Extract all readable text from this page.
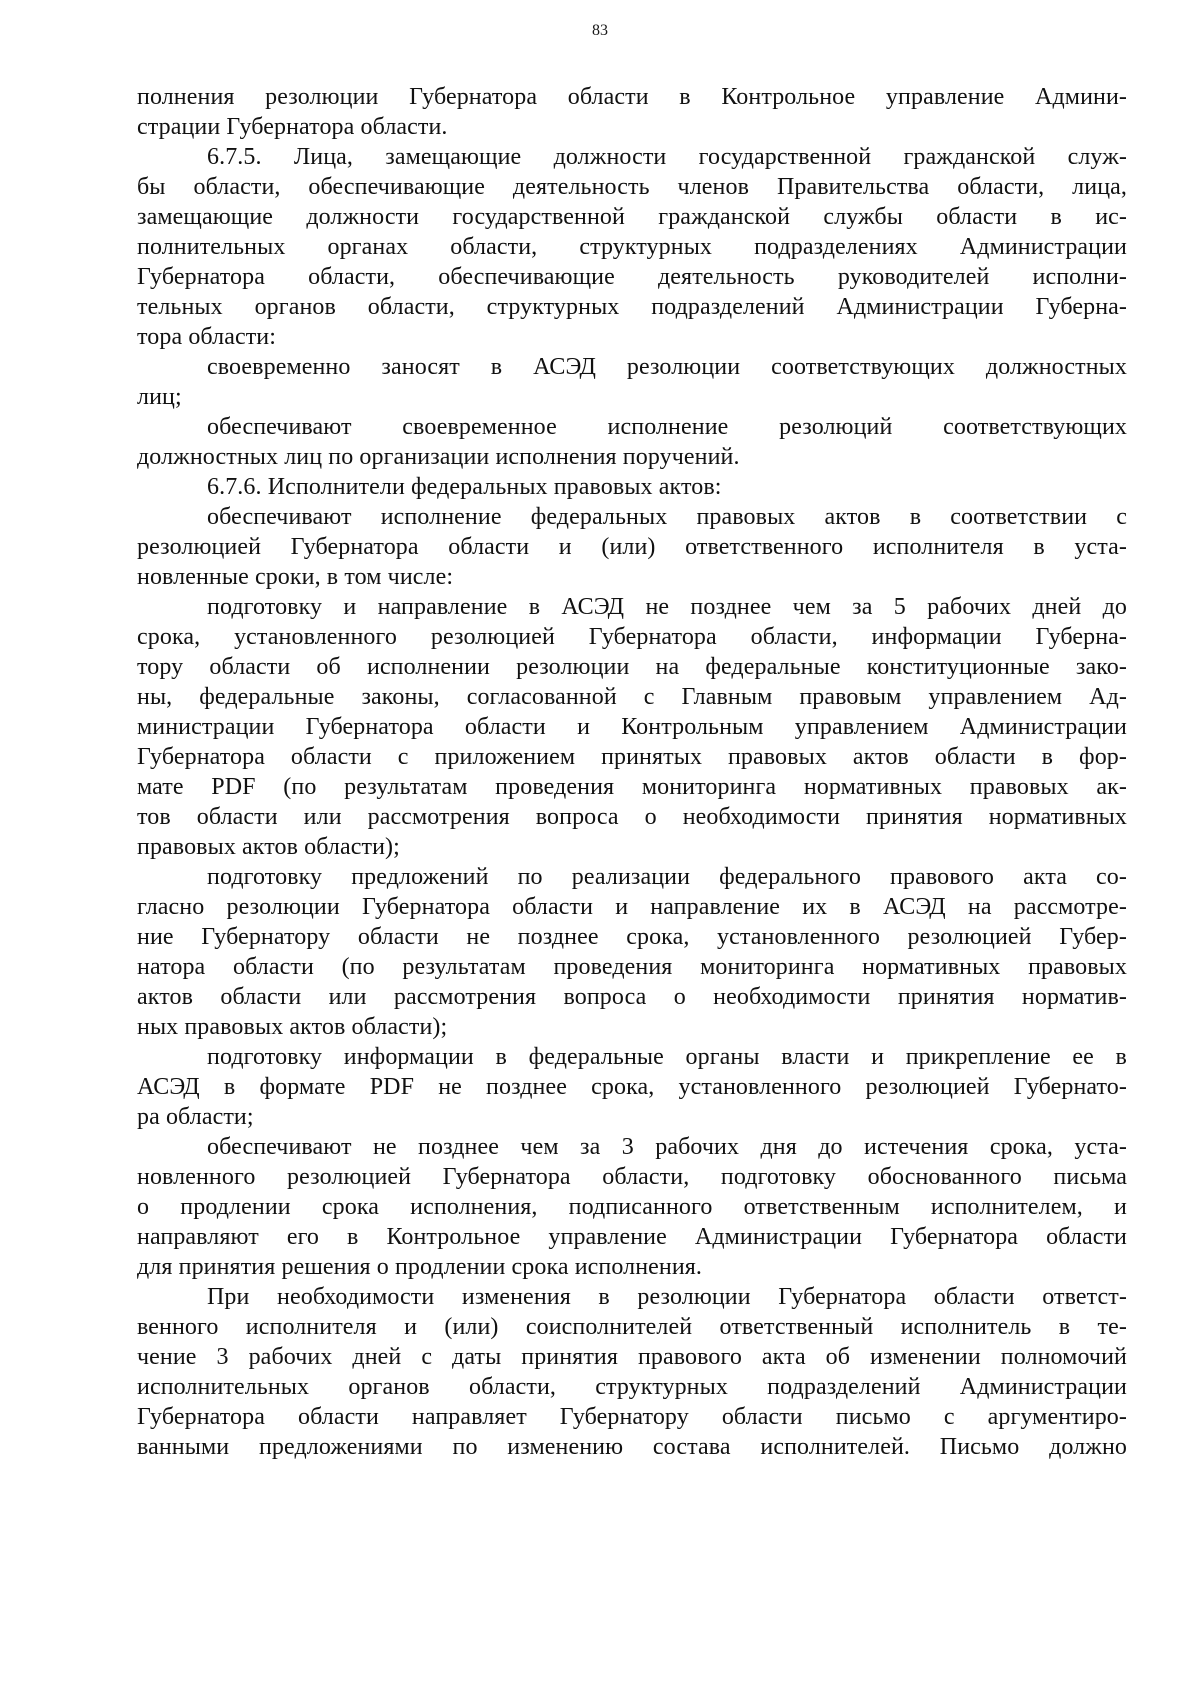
83
полнения резолюции Губернатора области в Контрольное управление Админи-
страции Губернатора области.
6.7.5. Лица, замещающие должности государственной гражданской служ-
бы области, обеспечивающие деятельность членов Правительства области, лица,
замещающие должности государственной гражданской службы области в ис-
полнительных органах области, структурных подразделениях Администрации
Губернатора области, обеспечивающие деятельность руководителей исполни-
тельных органов области, структурных подразделений Администрации Губерна-
тора области:
своевременно заносят в АСЭД резолюции соответствующих должностных
лиц;
обеспечивают своевременное исполнение резолюций соответствующих
должностных лиц по организации исполнения поручений.
6.7.6. Исполнители федеральных правовых актов:
обеспечивают исполнение федеральных правовых актов в соответствии с
резолюцией Губернатора области и (или) ответственного исполнителя в уста-
новленные сроки, в том числе:
подготовку и направление в АСЭД не позднее чем за 5 рабочих дней до
срока, установленного резолюцией Губернатора области, информации Губерна-
тору области об исполнении резолюции на федеральные конституционные зако-
ны, федеральные законы, согласованной с Главным правовым управлением Ад-
министрации Губернатора области и Контрольным управлением Администрации
Губернатора области с приложением принятых правовых актов области в фор-
мате PDF (по результатам проведения мониторинга нормативных правовых ак-
тов области или рассмотрения вопроса о необходимости принятия нормативных
правовых актов области);
подготовку предложений по реализации федерального правового акта со-
гласно резолюции Губернатора области и направление их в АСЭД на рассмотре-
ние Губернатору области не позднее срока, установленного резолюцией Губер-
натора области (по результатам проведения мониторинга нормативных правовых
актов области или рассмотрения вопроса о необходимости принятия норматив-
ных правовых актов области);
подготовку информации в федеральные органы власти и прикрепление ее в
АСЭД в формате PDF не позднее срока, установленного резолюцией Губернато-
ра области;
обеспечивают не позднее чем за 3 рабочих дня до истечения срока, уста-
новленного резолюцией Губернатора области, подготовку обоснованного письма
о продлении срока исполнения, подписанного ответственным исполнителем, и
направляют его в Контрольное управление Администрации Губернатора области
для принятия решения о продлении срока исполнения.
При необходимости изменения в резолюции Губернатора области ответст-
венного исполнителя и (или) соисполнителей ответственный исполнитель в те-
чение 3 рабочих дней с даты принятия правового акта об изменении полномочий
исполнительных органов области, структурных подразделений Администрации
Губернатора области направляет Губернатору области письмо с аргументиро-
ванными предложениями по изменению состава исполнителей. Письмо должно
